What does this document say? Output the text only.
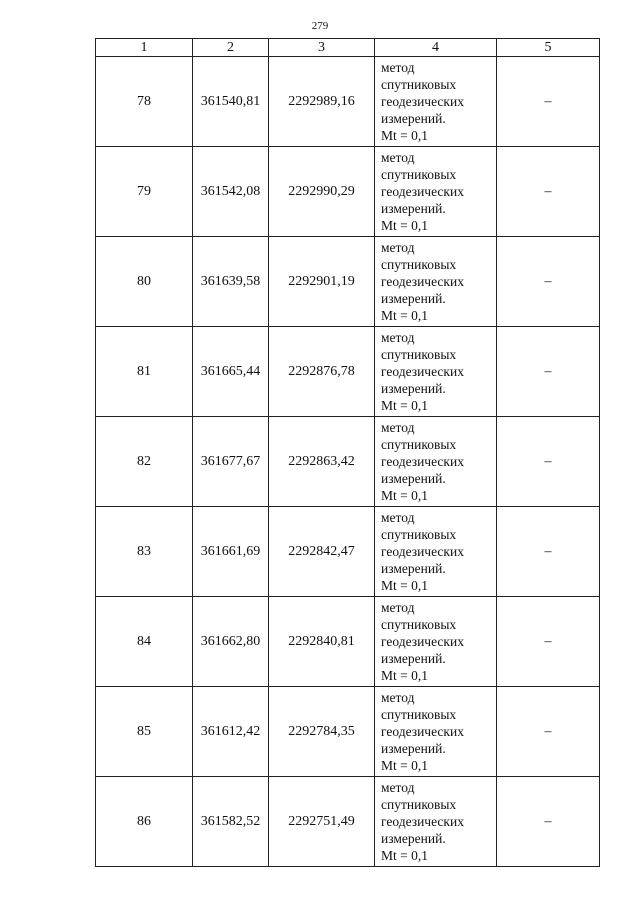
279
1	2	3	4	5
78	361540,81	2292989,16	метод
спутниковых
геодезических
измерений.
Mt = 0,1	–
79	361542,08	2292990,29	метод
спутниковых
геодезических
измерений.
Mt = 0,1	–
80	361639,58	2292901,19	метод
спутниковых
геодезических
измерений.
Mt = 0,1	–
81	361665,44	2292876,78	метод
спутниковых
геодезических
измерений.
Mt = 0,1	–
82	361677,67	2292863,42	метод
спутниковых
геодезических
измерений.
Mt = 0,1	–
83	361661,69	2292842,47	метод
спутниковых
геодезических
измерений.
Mt = 0,1	–
84	361662,80	2292840,81	метод
спутниковых
геодезических
измерений.
Mt = 0,1	–
85	361612,42	2292784,35	метод
спутниковых
геодезических
измерений.
Mt = 0,1	–
86	361582,52	2292751,49	метод
спутниковых
геодезических
измерений.
Mt = 0,1	–
